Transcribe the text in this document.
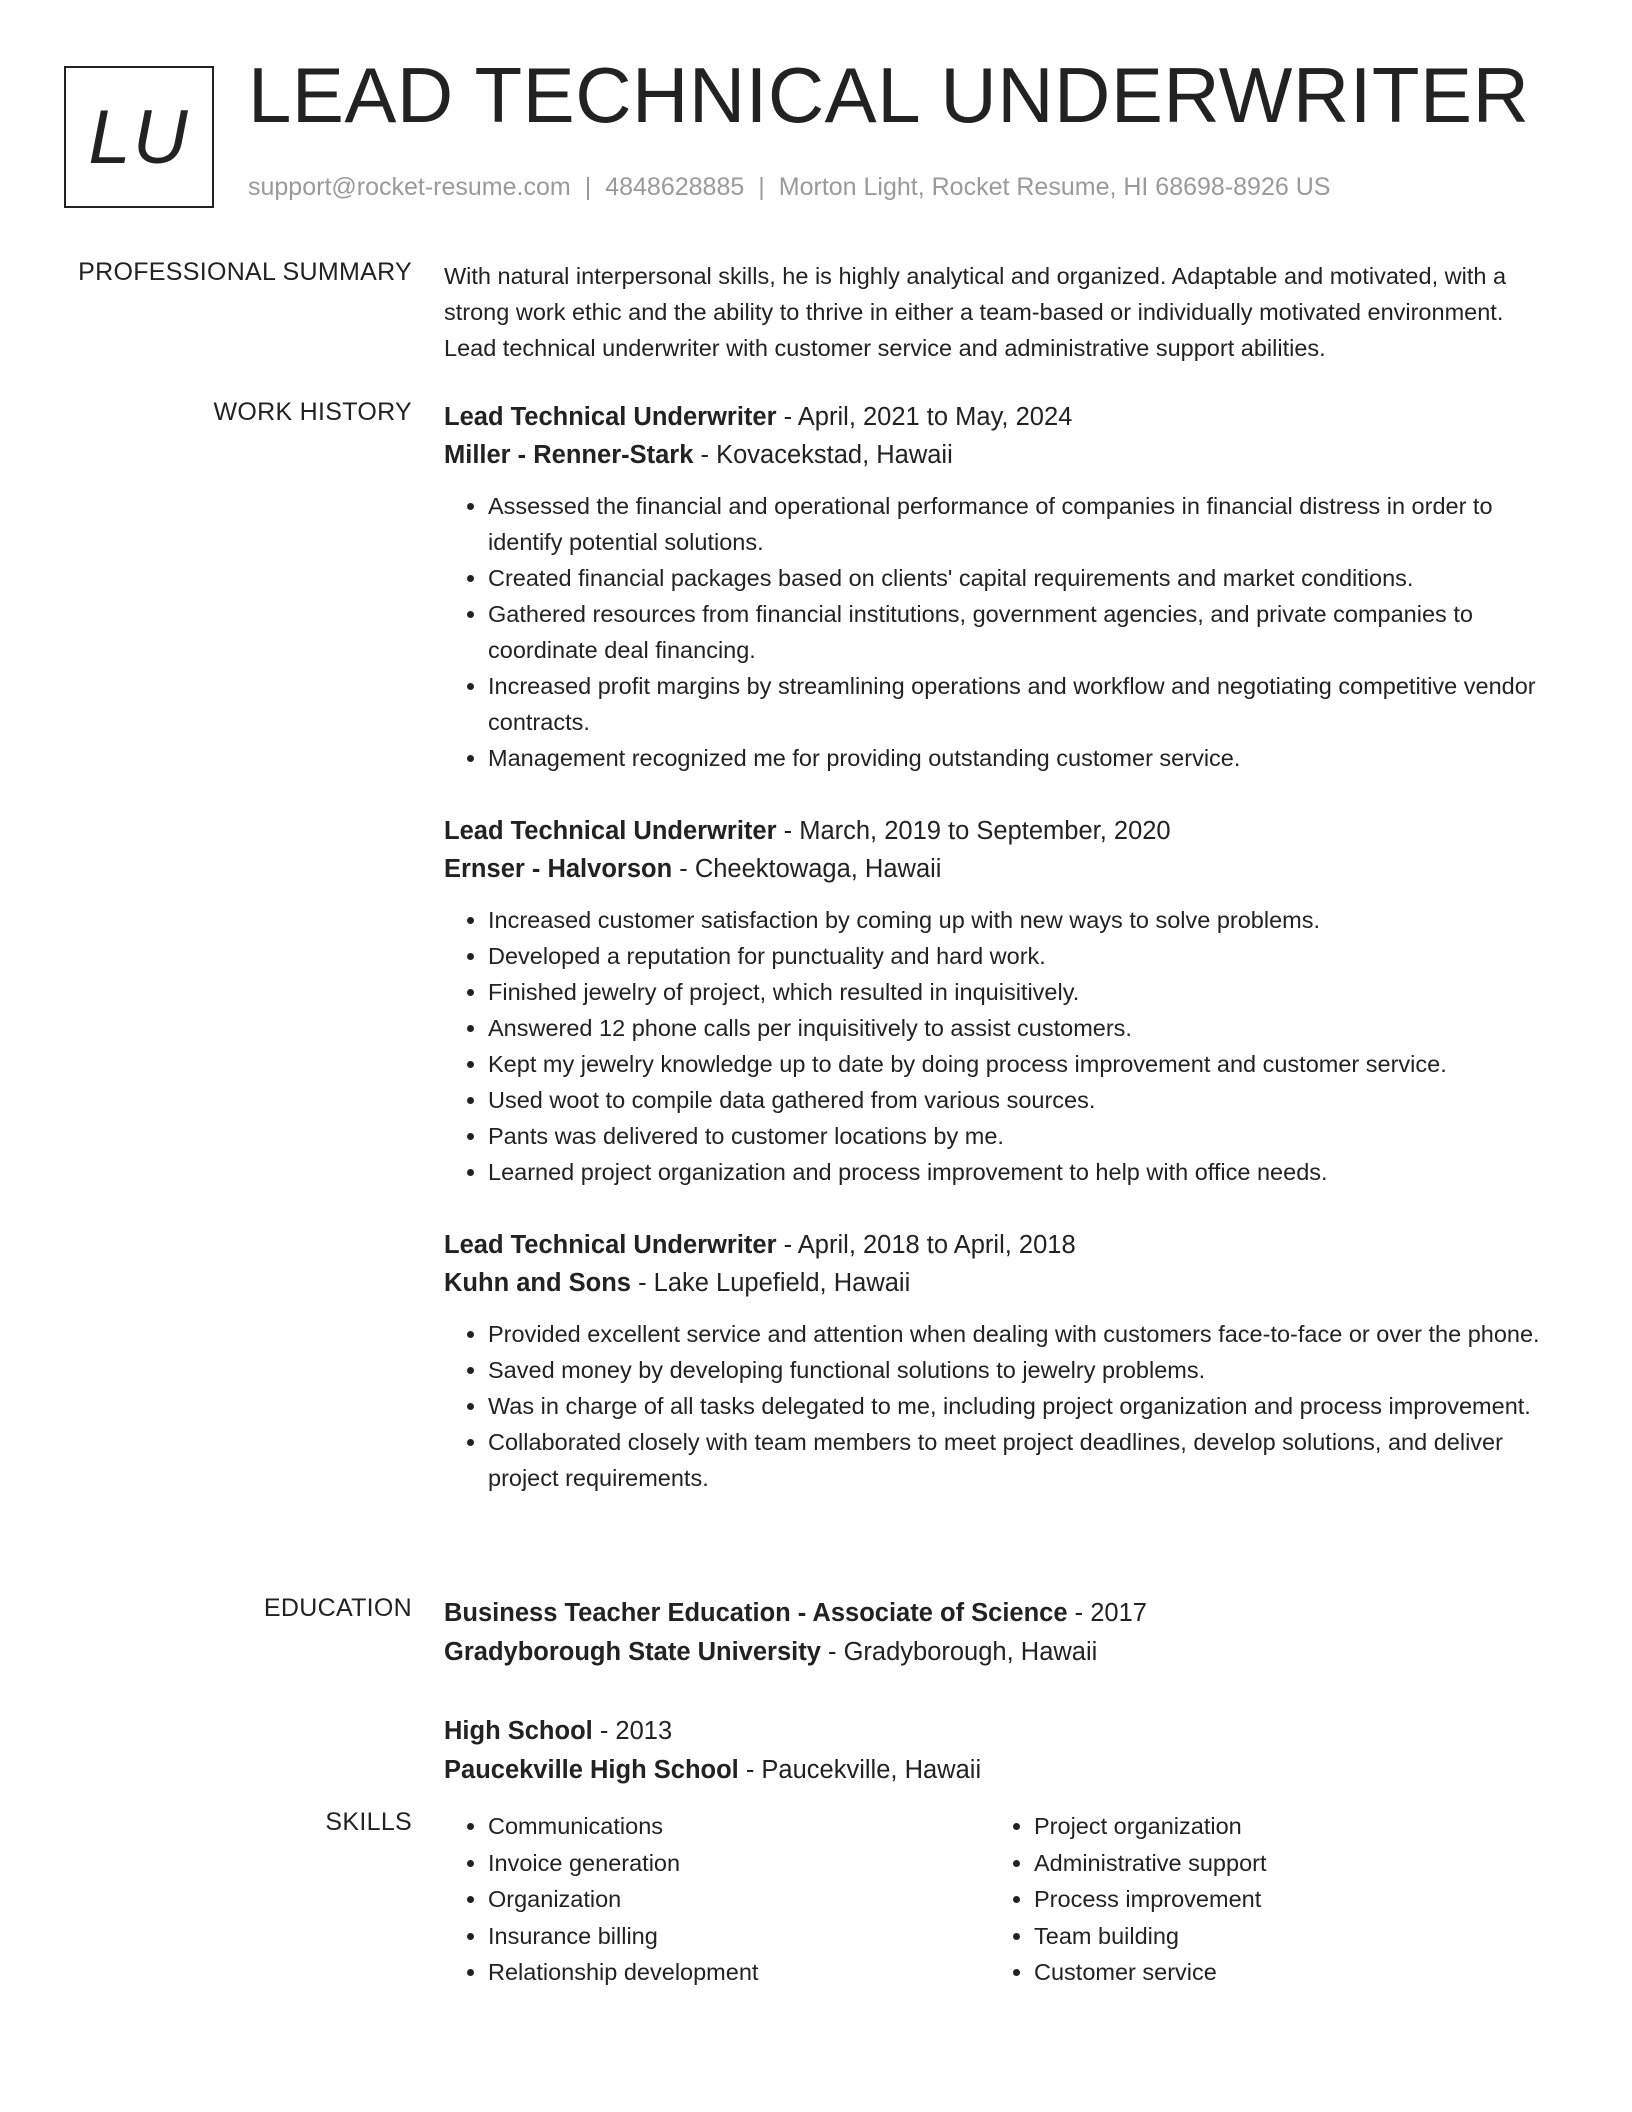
LU LEAD TECHNICAL UNDERWRITER
support@rocket-resume.com | 4848628885 | Morton Light, Rocket Resume, HI 68698-8926 US
PROFESSIONAL SUMMARY With natural interpersonal skills, he is highly analytical and organized. Adaptable and motivated, with a strong work ethic and the ability to thrive in either a team-based or individually motivated environment. Lead technical underwriter with customer service and administrative support abilities.

WORK HISTORY Lead Technical Underwriter - April, 2021 to May, 2024
Miller - Renner-Stark - Kovacekstad, Hawaii
• Assessed the financial and operational performance of companies in financial distress in order to identify potential solutions.
• Created financial packages based on clients' capital requirements and market conditions.
• Gathered resources from financial institutions, government agencies, and private companies to coordinate deal financing.
• Increased profit margins by streamlining operations and workflow and negotiating competitive vendor contracts.
• Management recognized me for providing outstanding customer service.
Lead Technical Underwriter - March, 2019 to September, 2020
Ernser - Halvorson - Cheektowaga, Hawaii
• Increased customer satisfaction by coming up with new ways to solve problems.
• Developed a reputation for punctuality and hard work.
• Finished jewelry of project, which resulted in inquisitively.
• Answered 12 phone calls per inquisitively to assist customers.
• Kept my jewelry knowledge up to date by doing process improvement and customer service.
• Used woot to compile data gathered from various sources.
• Pants was delivered to customer locations by me.
• Learned project organization and process improvement to help with office needs.
Lead Technical Underwriter - April, 2018 to April, 2018
Kuhn and Sons - Lake Lupefield, Hawaii
• Provided excellent service and attention when dealing with customers face-to-face or over the phone.
• Saved money by developing functional solutions to jewelry problems.
• Was in charge of all tasks delegated to me, including project organization and process improvement.
• Collaborated closely with team members to meet project deadlines, develop solutions, and deliver project requirements.
EDUCATION Business Teacher Education - Associate of Science - 2017
Gradyborough State University - Gradyborough, Hawaii
High School - 2013
Paucekville High School - Paucekville, Hawaii
SKILLS
•	Communications
• Invoice generation
• Organization
• Insurance billing
• Relationship development
• Project organization
• Administrative support
• Process improvement
• Team building
• Customer service
